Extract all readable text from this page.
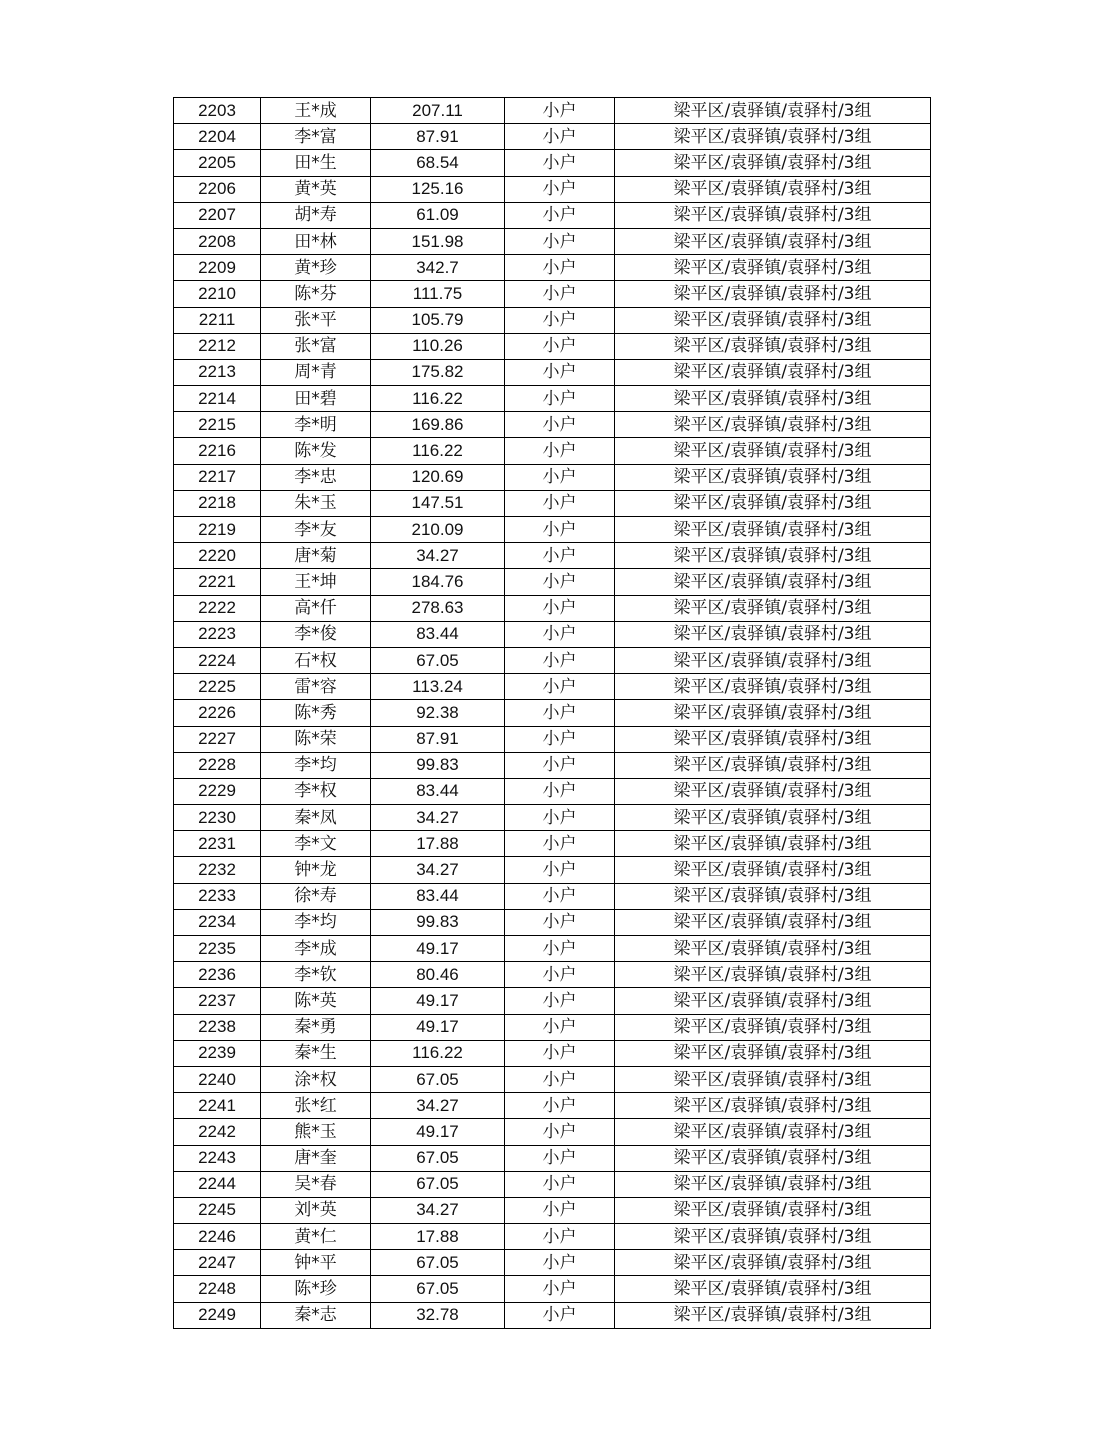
2203	王*成	207.11	小户	梁平区/袁驿镇/袁驿村/3组
2204	李*富	87.91	小户	梁平区/袁驿镇/袁驿村/3组
2205	田*生	68.54	小户	梁平区/袁驿镇/袁驿村/3组
2206	黄*英	125.16	小户	梁平区/袁驿镇/袁驿村/3组
2207	胡*寿	61.09	小户	梁平区/袁驿镇/袁驿村/3组
2208	田*林	151.98	小户	梁平区/袁驿镇/袁驿村/3组
2209	黄*珍	342.7	小户	梁平区/袁驿镇/袁驿村/3组
2210	陈*芬	111.75	小户	梁平区/袁驿镇/袁驿村/3组
2211	张*平	105.79	小户	梁平区/袁驿镇/袁驿村/3组
2212	张*富	110.26	小户	梁平区/袁驿镇/袁驿村/3组
2213	周*青	175.82	小户	梁平区/袁驿镇/袁驿村/3组
2214	田*碧	116.22	小户	梁平区/袁驿镇/袁驿村/3组
2215	李*明	169.86	小户	梁平区/袁驿镇/袁驿村/3组
2216	陈*发	116.22	小户	梁平区/袁驿镇/袁驿村/3组
2217	李*忠	120.69	小户	梁平区/袁驿镇/袁驿村/3组
2218	朱*玉	147.51	小户	梁平区/袁驿镇/袁驿村/3组
2219	李*友	210.09	小户	梁平区/袁驿镇/袁驿村/3组
2220	唐*菊	34.27	小户	梁平区/袁驿镇/袁驿村/3组
2221	王*坤	184.76	小户	梁平区/袁驿镇/袁驿村/3组
2222	高*仟	278.63	小户	梁平区/袁驿镇/袁驿村/3组
2223	李*俊	83.44	小户	梁平区/袁驿镇/袁驿村/3组
2224	石*权	67.05	小户	梁平区/袁驿镇/袁驿村/3组
2225	雷*容	113.24	小户	梁平区/袁驿镇/袁驿村/3组
2226	陈*秀	92.38	小户	梁平区/袁驿镇/袁驿村/3组
2227	陈*荣	87.91	小户	梁平区/袁驿镇/袁驿村/3组
2228	李*均	99.83	小户	梁平区/袁驿镇/袁驿村/3组
2229	李*权	83.44	小户	梁平区/袁驿镇/袁驿村/3组
2230	秦*凤	34.27	小户	梁平区/袁驿镇/袁驿村/3组
2231	李*文	17.88	小户	梁平区/袁驿镇/袁驿村/3组
2232	钟*龙	34.27	小户	梁平区/袁驿镇/袁驿村/3组
2233	徐*寿	83.44	小户	梁平区/袁驿镇/袁驿村/3组
2234	李*均	99.83	小户	梁平区/袁驿镇/袁驿村/3组
2235	李*成	49.17	小户	梁平区/袁驿镇/袁驿村/3组
2236	李*钦	80.46	小户	梁平区/袁驿镇/袁驿村/3组
2237	陈*英	49.17	小户	梁平区/袁驿镇/袁驿村/3组
2238	秦*勇	49.17	小户	梁平区/袁驿镇/袁驿村/3组
2239	秦*生	116.22	小户	梁平区/袁驿镇/袁驿村/3组
2240	涂*权	67.05	小户	梁平区/袁驿镇/袁驿村/3组
2241	张*红	34.27	小户	梁平区/袁驿镇/袁驿村/3组
2242	熊*玉	49.17	小户	梁平区/袁驿镇/袁驿村/3组
2243	唐*奎	67.05	小户	梁平区/袁驿镇/袁驿村/3组
2244	吴*春	67.05	小户	梁平区/袁驿镇/袁驿村/3组
2245	刘*英	34.27	小户	梁平区/袁驿镇/袁驿村/3组
2246	黄*仁	17.88	小户	梁平区/袁驿镇/袁驿村/3组
2247	钟*平	67.05	小户	梁平区/袁驿镇/袁驿村/3组
2248	陈*珍	67.05	小户	梁平区/袁驿镇/袁驿村/3组
2249	秦*志	32.78	小户	梁平区/袁驿镇/袁驿村/3组
